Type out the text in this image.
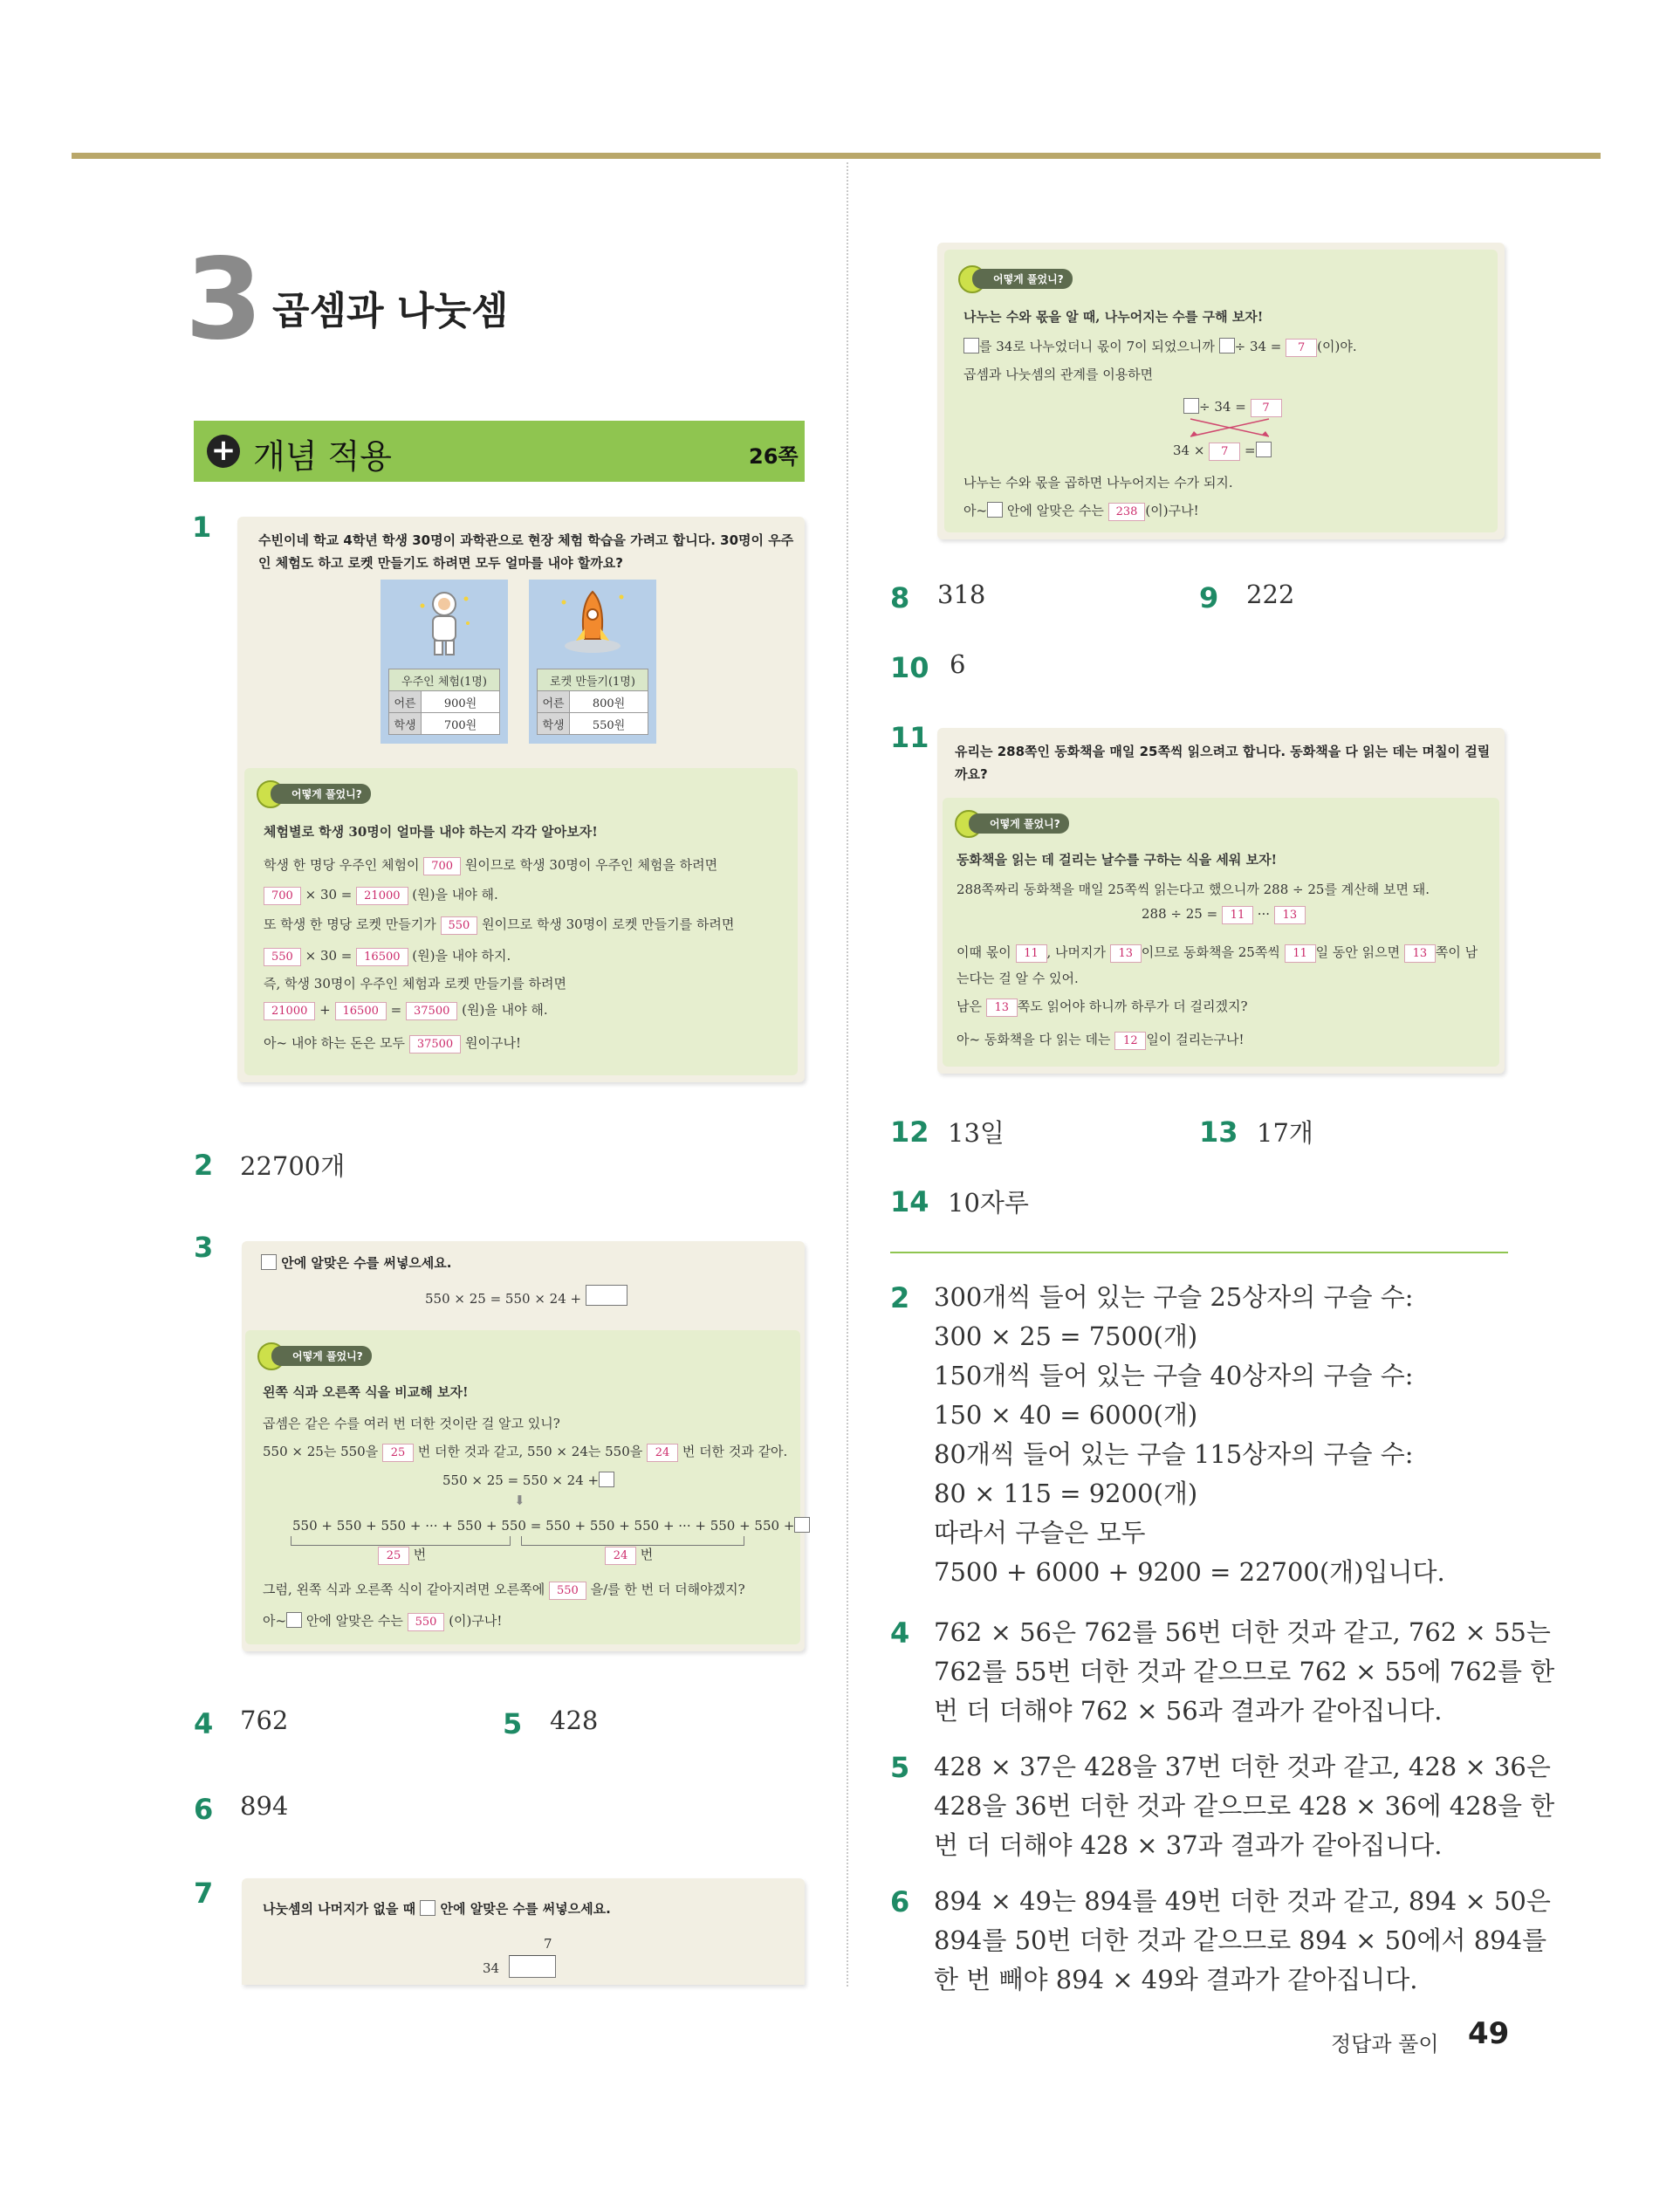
3 곱셈과 나눗셈
+ 개념 적용	26쪽
1	수빈이네 학교 4학년 학생 30명이 과학관으로 현장 체험 학습을 가려고 합니다. 30명이 우주
인 체험도 하고 로켓 만들기도 하려면 모두 얼마를 내야 할까요?
우주인 체험(1명)	
어른	900원
학생	700원
로켓 만들기(1명)	
어른	800원
학생	550원
어떻게 풀었니?
체험별로 학생 30명이 얼마를 내야 하는지 각각 알아보자!
학생 한 명당 우주인 체험이 700 원이므로 학생 30명이 우주인 체험을 하려면
700 × 30 = 21000 (원)을 내야 해.
또 학생 한 명당 로켓 만들기가 550 원이므로 학생 30명이 로켓 만들기를 하려면
550 × 30 = 16500 (원)을 내야 하지.
즉, 학생 30명이 우주인 체험과 로켓 만들기를 하려면
21000 + 16500 = 37500 (원)을 내야 해.
아~ 내야 하는 돈은 모두 37500 원이구나!
2 22700개
3	안에 알맞은 수를 써넣으세요.
550 × 25 = 550 × 24 +
어떻게 풀었니?
왼쪽 식과 오른쪽 식을 비교해 보자!
곱셈은 같은 수를 여러 번 더한 것이란 걸 알고 있니?
550 × 25는 550을 25 번 더한 것과 같고, 550 × 24는 550을 24 번 더한 것과 같아.
550 × 25 = 550 × 24 +
⬇
550 + 550 + 550 + ··· + 550 + 550 = 550 + 550 + 550 + ··· + 550 + 550 +
25 번	24 번
그럼, 왼쪽 식과 오른쪽 식이 같아지려면 오른쪽에 550 을/를 한 번 더 더해야겠지?
아~ 안에 알맞은 수는 550 (이)구나!
4 762	5 428
6 894
7	나눗셈의 나머지가 없을 때 안에 알맞은 수를 써넣으세요.
7
34
어떻게 풀었니?
나누는 수와 몫을 알 때, 나누어지는 수를 구해 보자!
를 34로 나누었더니 몫이 7이 되었으니까 ÷ 34 = 7 (이)야.
곱셈과 나눗셈의 관계를 이용하면
÷ 34 = 7
34 × 7 =
나누는 수와 몫을 곱하면 나누어지는 수가 되지.
아~ 안에 알맞은 수는 238 (이)구나!
8 318	9 222
10 6
11 유리는 288쪽인 동화책을 매일 25쪽씩 읽으려고 합니다. 동화책을 다 읽는 데는 며칠이 걸릴
까요?
어떻게 풀었니?
동화책을 읽는 데 걸리는 날수를 구하는 식을 세워 보자!
288쪽짜리 동화책을 매일 25쪽씩 읽는다고 했으니까 288 ÷ 25를 계산해 보면 돼.
288 ÷ 25 = 11 ··· 13
이때 몫이 11 , 나머지가 13 이므로 동화책을 25쪽씩 11 일 동안 읽으면 13 쪽이 남
는다는 걸 알 수 있어.
남은 13 쪽도 읽어야 하니까 하루가 더 걸리겠지?
아~ 동화책을 다 읽는 데는 12 일이 걸리는구나!
12 13일	13 17개
14 10자루
2 300개씩 들어 있는 구슬 25상자의 구슬 수:
300 × 25 = 7500(개)
150개씩 들어 있는 구슬 40상자의 구슬 수:
150 × 40 = 6000(개)
80개씩 들어 있는 구슬 115상자의 구슬 수:
80 × 115 = 9200(개)
따라서 구슬은 모두
7500 + 6000 + 9200 = 22700(개)입니다.
4 762 × 56은 762를 56번 더한 것과 같고, 762 × 55는
762를 55번 더한 것과 같으므로 762 × 55에 762를 한
번 더 더해야 762 × 56과 결과가 같아집니다.
5 428 × 37은 428을 37번 더한 것과 같고, 428 × 36은
428을 36번 더한 것과 같으므로 428 × 36에 428을 한
번 더 더해야 428 × 37과 결과가 같아집니다.
6 894 × 49는 894를 49번 더한 것과 같고, 894 × 50은
894를 50번 더한 것과 같으므로 894 × 50에서 894를
한 번 빼야 894 × 49와 결과가 같아집니다.
정답과 풀이 49
